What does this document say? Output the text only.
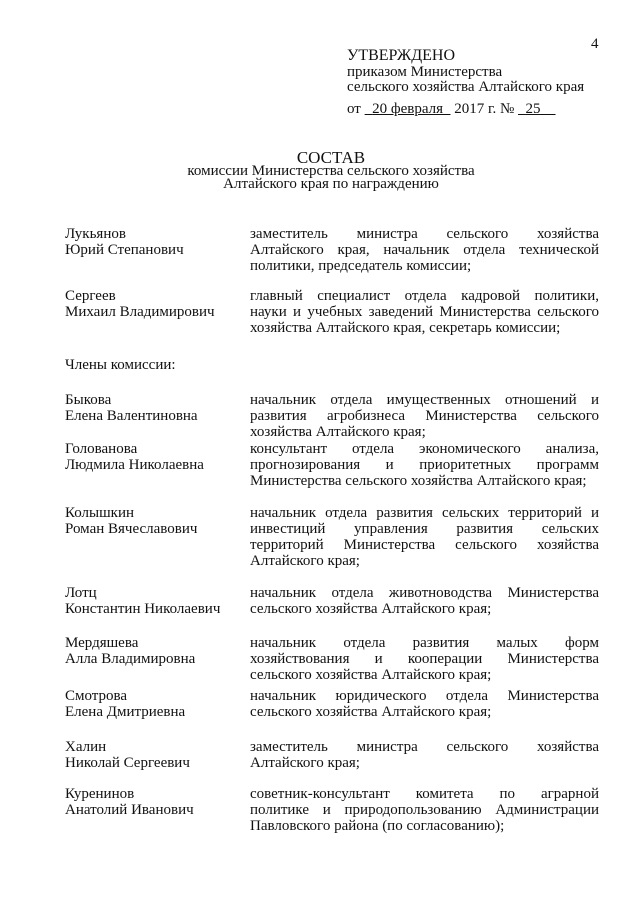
4
УТВЕРЖДЕНО
приказом Министерства
сельского хозяйства Алтайского края
от 20 февраля 2017 г. № 25
СОСТАВ
комиссии Министерства сельского хозяйства
Алтайского края по награждению
Члены комиссии:
Лукьянов
Юрий Степанович
заместитель министра сельского хозяйства
Алтайского края, начальник отдела технической
политики, председатель комиссии;
Сергеев
Михаил Владимирович
главный специалист отдела кадровой политики,
науки и учебных заведений Министерства сельского
хозяйства Алтайского края, секретарь комиссии;
Быкова
Елена Валентиновна
начальник отдела имущественных отношений и
развития агробизнеса Министерства сельского
хозяйства Алтайского края;
Голованова
Людмила Николаевна
консультант отдела экономического анализа,
прогнозирования и приоритетных программ
Министерства сельского хозяйства Алтайского края;
Колышкин
Роман Вячеславович
начальник отдела развития сельских территорий и
инвестиций управления развития сельских
территорий Министерства сельского хозяйства
Алтайского края;
Лотц
Константин Николаевич
начальник отдела животноводства Министерства
сельского хозяйства Алтайского края;
Мердяшева
Алла Владимировна
начальник отдела развития малых форм
хозяйствования и кооперации Министерства
сельского хозяйства Алтайского края;
Смотрова
Елена Дмитриевна
начальник юридического отдела Министерства
сельского хозяйства Алтайского края;
Халин
Николай Сергеевич
заместитель министра сельского хозяйства
Алтайского края;
Куренинов
Анатолий Иванович
советник-консультант комитета по аграрной
политике и природопользованию Администрации
Павловского района (по согласованию);
